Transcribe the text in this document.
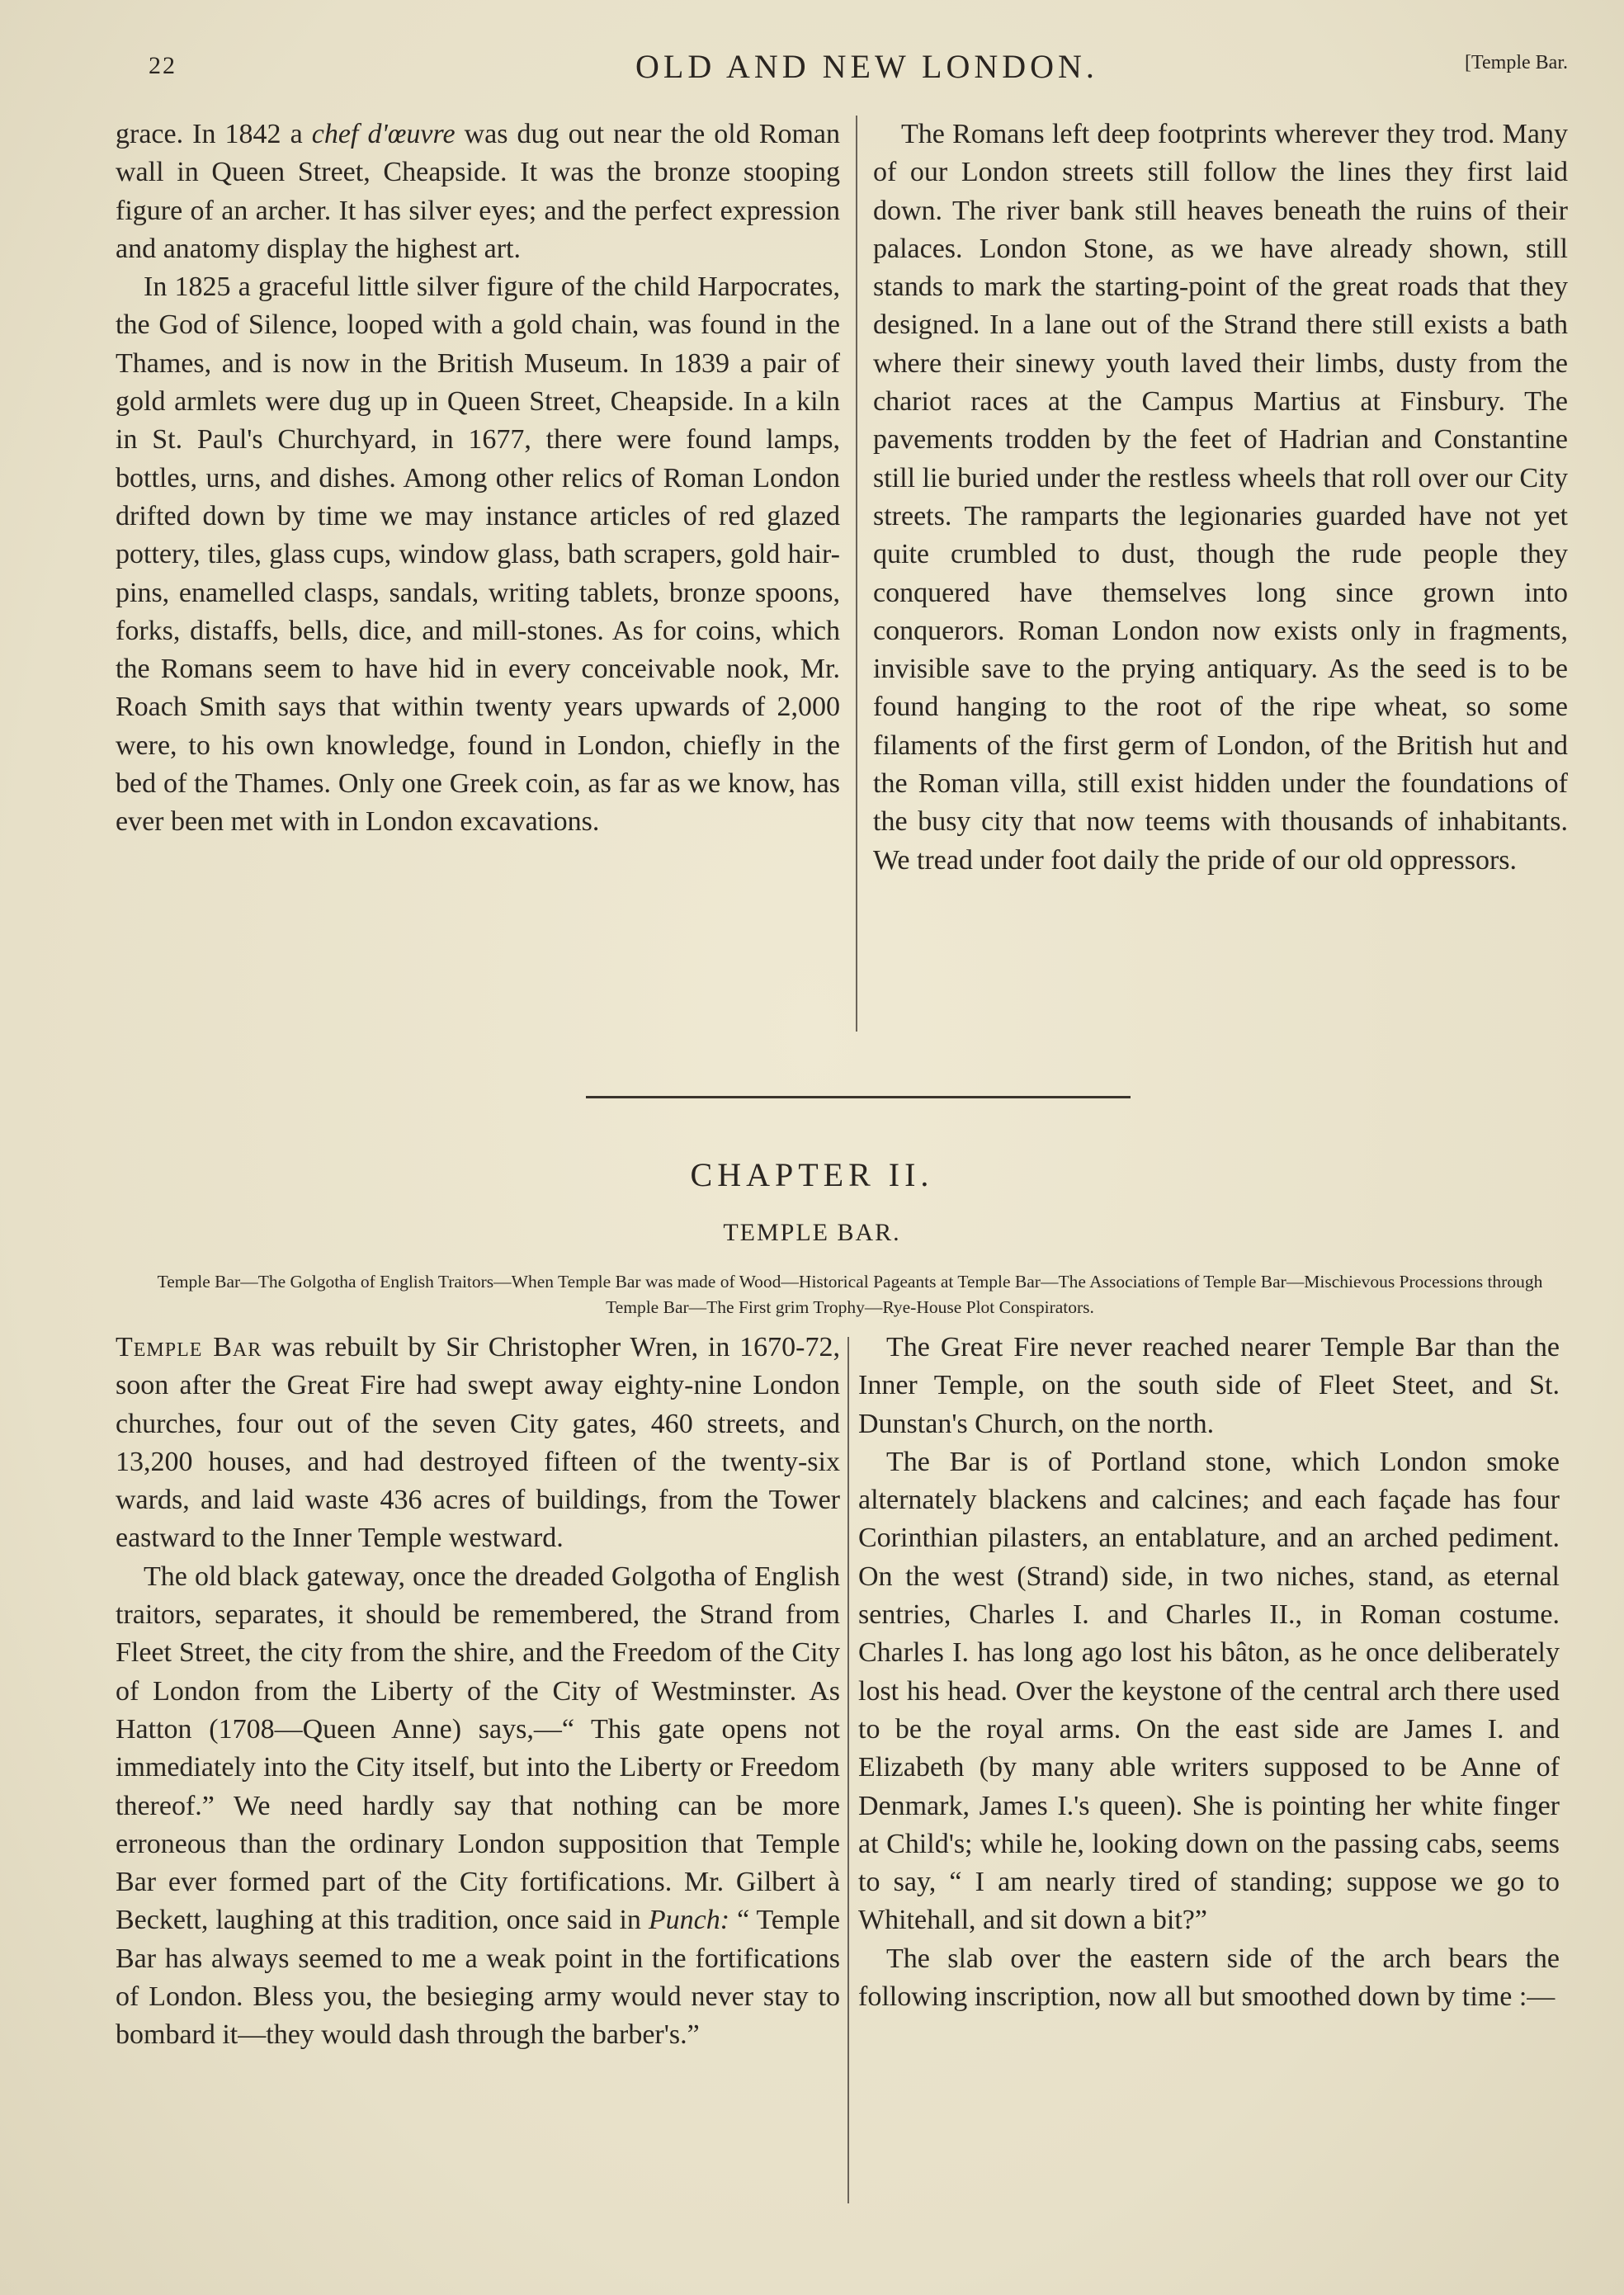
22	OLD AND NEW LONDON.	[Temple Bar.

grace. In 1842 a chef d'œuvre was dug out near the old Roman wall in Queen Street, Cheapside. It was the bronze stooping figure of an archer. It has silver eyes; and the perfect expression and anatomy display the highest art.

In 1825 a graceful little silver figure of the child Harpocrates, the God of Silence, looped with a gold chain, was found in the Thames, and is now in the British Museum. In 1839 a pair of gold armlets were dug up in Queen Street, Cheapside. In a kiln in St. Paul's Churchyard, in 1677, there were found lamps, bottles, urns, and dishes. Among other relics of Roman London drifted down by time we may instance articles of red glazed pottery, tiles, glass cups, window glass, bath scrapers, gold hair-pins, enamelled clasps, sandals, writing tablets, bronze spoons, forks, distaffs, bells, dice, and mill-stones. As for coins, which the Romans seem to have hid in every conceivable nook, Mr. Roach Smith says that within twenty years upwards of 2,000 were, to his own knowledge, found in London, chiefly in the bed of the Thames. Only one Greek coin, as far as we know, has ever been met with in London excavations.

The Romans left deep footprints wherever they trod. Many of our London streets still follow the lines they first laid down. The river bank still heaves beneath the ruins of their palaces. London Stone, as we have already shown, still stands to mark the starting-point of the great roads that they designed. In a lane out of the Strand there still exists a bath where their sinewy youth laved their limbs, dusty from the chariot races at the Campus Martius at Finsbury. The pavements trodden by the feet of Hadrian and Constantine still lie buried under the restless wheels that roll over our City streets. The ramparts the legionaries guarded have not yet quite crumbled to dust, though the rude people they conquered have themselves long since grown into conquerors. Roman London now exists only in fragments, invisible save to the prying antiquary. As the seed is to be found hanging to the root of the ripe wheat, so some filaments of the first germ of London, of the British hut and the Roman villa, still exist hidden under the foundations of the busy city that now teems with thousands of inhabitants. We tread under foot daily the pride of our old oppressors.

CHAPTER II.
TEMPLE BAR.
Temple Bar—The Golgotha of English Traitors—When Temple Bar was made of Wood—Historical Pageants at Temple Bar—The Associations of Temple Bar—Mischievous Processions through Temple Bar—The First grim Trophy—Rye-House Plot Conspirators.

Temple Bar was rebuilt by Sir Christopher Wren, in 1670-72, soon after the Great Fire had swept away eighty-nine London churches, four out of the seven City gates, 460 streets, and 13,200 houses, and had destroyed fifteen of the twenty-six wards, and laid waste 436 acres of buildings, from the Tower eastward to the Inner Temple westward.

The old black gateway, once the dreaded Golgotha of English traitors, separates, it should be remembered, the Strand from Fleet Street, the city from the shire, and the Freedom of the City of London from the Liberty of the City of Westminster. As Hatton (1708—Queen Anne) says,—“ This gate opens not immediately into the City itself, but into the Liberty or Freedom thereof.” We need hardly say that nothing can be more erroneous than the ordinary London supposition that Temple Bar ever formed part of the City fortifications. Mr. Gilbert à Beckett, laughing at this tradition, once said in Punch: “ Temple Bar has always seemed to me a weak point in the fortifications of London. Bless you, the besieging army would never stay to bombard it—they would dash through the barber's.”

The Great Fire never reached nearer Temple Bar than the Inner Temple, on the south side of Fleet Steet, and St. Dunstan's Church, on the north.

The Bar is of Portland stone, which London smoke alternately blackens and calcines; and each façade has four Corinthian pilasters, an entablature, and an arched pediment. On the west (Strand) side, in two niches, stand, as eternal sentries, Charles I. and Charles II., in Roman costume. Charles I. has long ago lost his bâton, as he once deliberately lost his head. Over the keystone of the central arch there used to be the royal arms. On the east side are James I. and Elizabeth (by many able writers supposed to be Anne of Denmark, James I.'s queen). She is pointing her white finger at Child's; while he, looking down on the passing cabs, seems to say, “ I am nearly tired of standing; suppose we go to Whitehall, and sit down a bit?”

The slab over the eastern side of the arch bears the following inscription, now all but smoothed down by time :—
